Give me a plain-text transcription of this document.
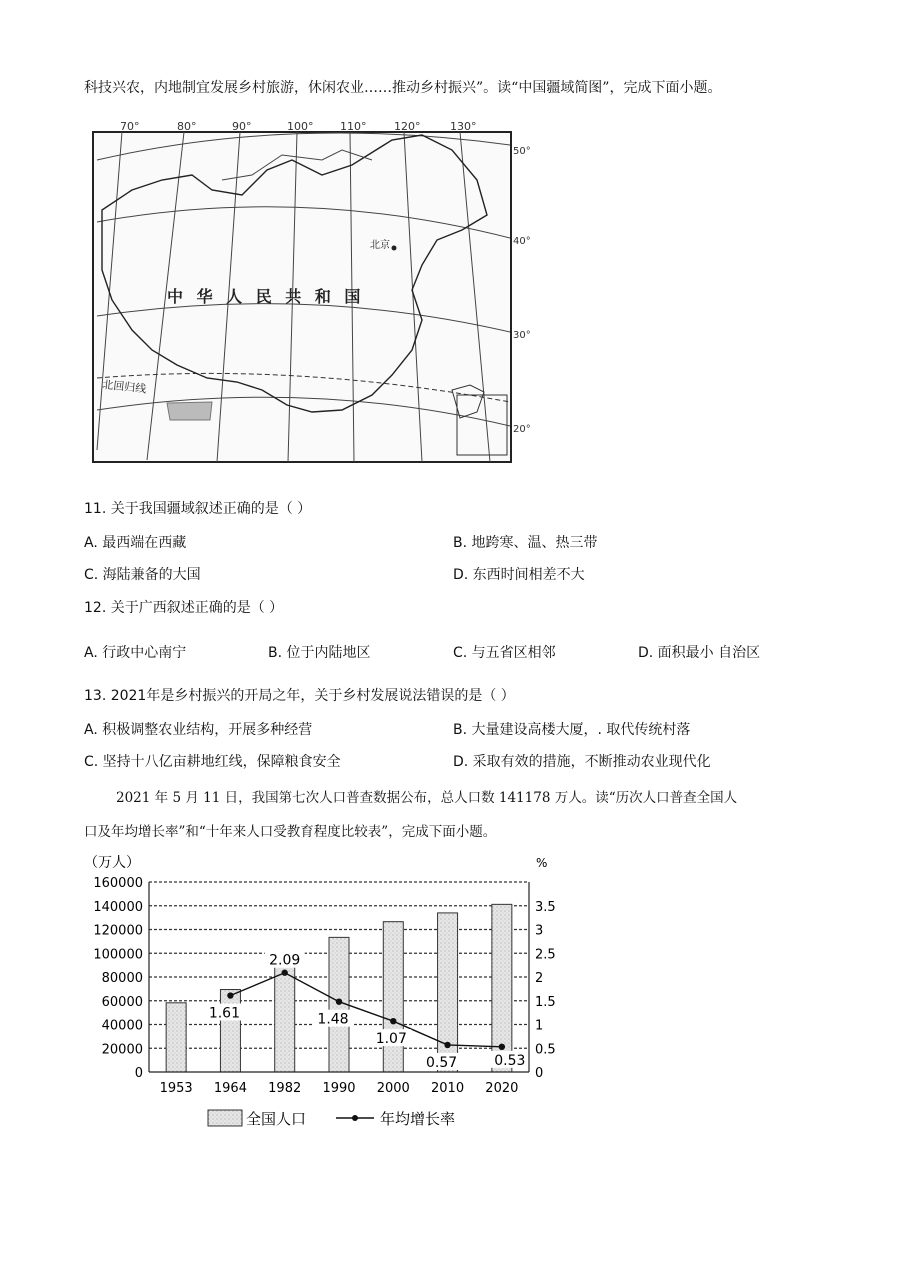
科技兴农，内地制宜发展乡村旅游，休闲农业……推动乡村振兴”。读“中国疆域简图”，完成下面小题。
70°	80°	90°	100° 110°	120°	130°
50°
40°
30°
20°
中 华 人 民 共 和 国
北京
北回归线
11. 关于我国疆域叙述正确的是（ ）
A. 最西端在西藏	B. 地跨寒、温、热三带
C. 海陆兼备的大国	D. 东西时间相差不大
12. 关于广西叙述正确的是（ ）
A. 行政中心南宁	B. 位于内陆地区	C. 与五省区相邻	D. 面积最小 自治区
13. 2021年是乡村振兴的开局之年，关于乡村发展说法错误的是（ ）
A. 积极调整农业结构，开展多种经营	B. 大量建设高楼大厦，. 取代传统村落
C. 坚持十八亿亩耕地红线，保障粮食安全	D. 采取有效的措施，不断推动农业现代化
2021 年 5 月 11 日，我国第七次人口普查数据公布，总人口数 141178 万人。读“历次人口普查全国人
口及年均增长率”和“十年来人口受教育程度比较表”，完成下面小题。
（万人）	%
160000
140000
120000
100000
80000
60000
40000
20000
0
3.5
3
2.5
2
1.5
1
0.5
0
1953 1964 1982 1990 2000 2010 2020
1.61
2.09
1.48
1.07
0.57	0.53
全国人口	年均增长率
